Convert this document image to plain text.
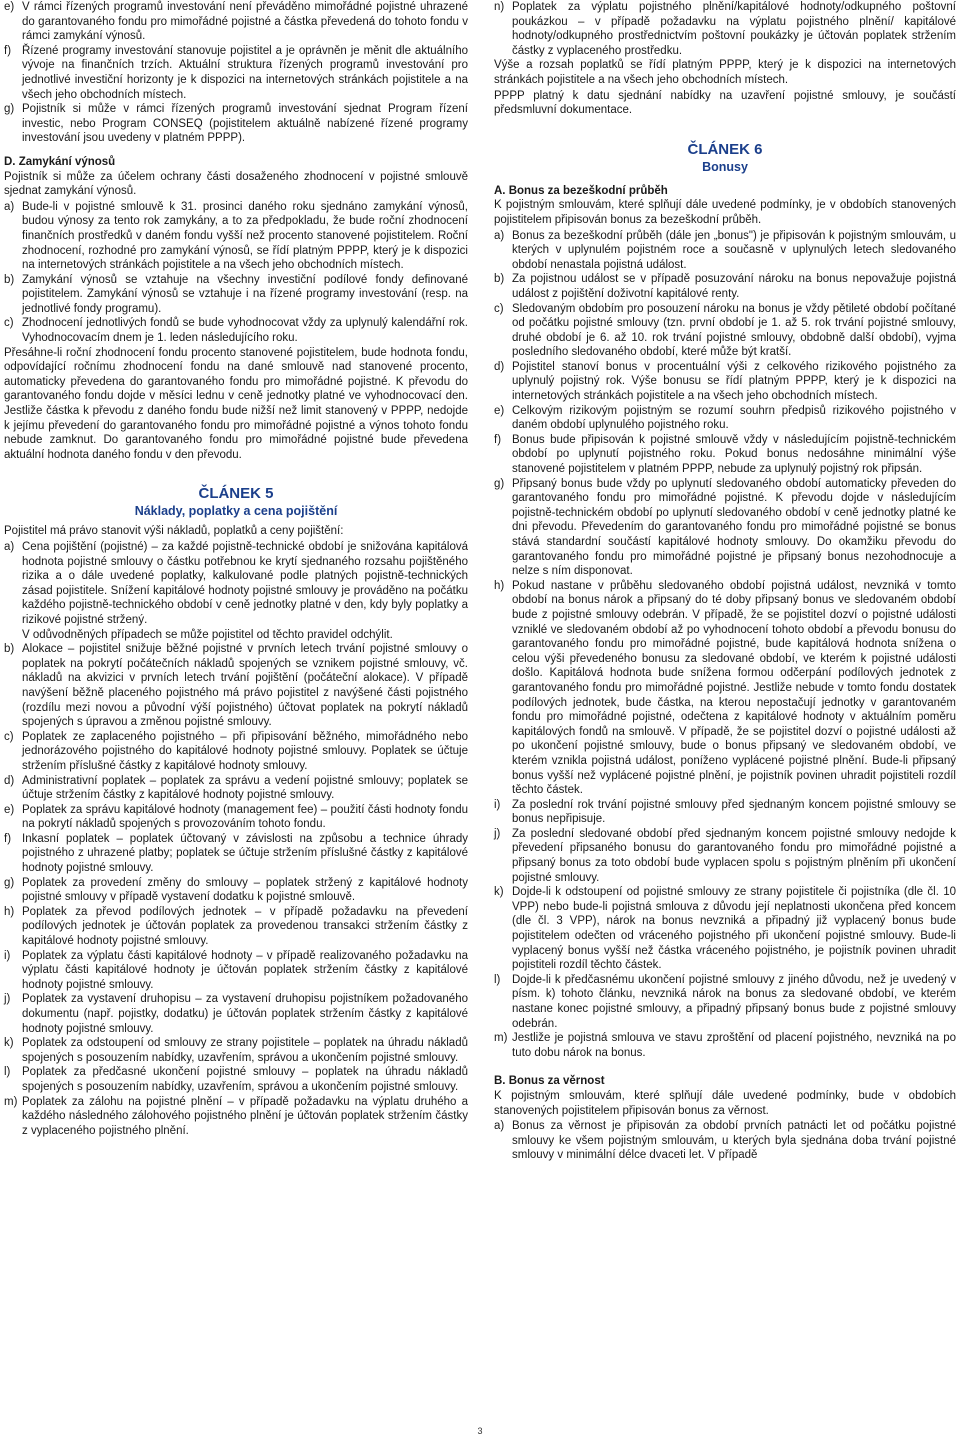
e) V rámci řízených programů investování není převáděno mimořádné pojistné uhrazené do garantovaného fondu pro mimořádné pojistné a částka převedená do tohoto fondu v rámci zamykání výnosů.
f) Řízené programy investování stanovuje pojistitel a je oprávněn je měnit dle aktuálního vývoje na finančních trzích. Aktuální struktura řízených programů investování pro jednotlivé investiční horizonty je k dispozici na internetových stránkách pojistitele a na všech jeho obchodních místech.
g) Pojistník si může v rámci řízených programů investování sjednat Program řízení investic, nebo Program CONSEQ (pojistitelem aktuálně nabízené řízené programy investování jsou uvedeny v platném PPPP).

D. Zamykání výnosů

Pojistník si může za účelem ochrany části dosaženého zhodnocení v pojistné smlouvě sjednat zamykání výnosů.

a) Bude-li v pojistné smlouvě k 31. prosinci daného roku sjednáno zamykání výnosů, budou výnosy za tento rok zamykány, a to za předpokladu, že bude roční zhodnocení finančních prostředků v daném fondu vyšší než procento stanovené pojistitelem. Roční zhodnocení, rozhodné pro zamykání výnosů, se řídí platným PPPP, který je k dispozici na internetových stránkách pojistitele a na všech jeho obchodních místech.
b) Zamykání výnosů se vztahuje na všechny investiční podílové fondy definované pojistitelem. Zamykání výnosů se vztahuje i na řízené programy investování (resp. na jednotlivé fondy programu).
c) Zhodnocení jednotlivých fondů se bude vyhodnocovat vždy za uplynulý kalendářní rok. Vyhodnocovacím dnem je 1. leden následujícího roku.

Přesáhne-li roční zhodnocení fondu procento stanovené pojistitelem, bude hodnota fondu, odpovídající ročnímu zhodnocení fondu na dané smlouvě nad stanovené procento, automaticky převedena do garantovaného fondu pro mimořádné pojistné. K převodu do garantovaného fondu dojde v měsíci lednu v ceně jednotky platné ve vyhodnocovací den. Jestliže částka k převodu z daného fondu bude nižší než limit stanovený v PPPP, nedojde k jejímu převedení do garantovaného fondu pro mimořádné pojistné a výnos tohoto fondu nebude zamknut. Do garantovaného fondu pro mimořádné pojistné bude převedena aktuální hodnota daného fondu v den převodu.

ČLÁNEK 5

Náklady, poplatky a cena pojištění

Pojistitel má právo stanovit výši nákladů, poplatků a ceny pojištění:

a) Cena pojištění (pojistné) – za každé pojistně-technické období je snižována kapitálová hodnota pojistné smlouvy o částku potřebnou ke krytí sjednaného rozsahu pojištěného rizika a o dále uvedené poplatky, kalkulované podle platných pojistně-technických zásad pojistitele. Snížení kapitálové hodnoty pojistné smlouvy je prováděno na počátku každého pojistně-technického období v ceně jednotky platné v den, kdy byly poplatky a rizikové pojistné stržený.
V odůvodněných případech se může pojistitel od těchto pravidel odchýlit.
b) Alokace – pojistitel snižuje běžné pojistné v prvních letech trvání pojistné smlouvy o poplatek na pokrytí počátečních nákladů spojených se vznikem pojistné smlouvy, vč. nákladů na akvizici v prvních letech trvání pojištění (počáteční alokace). V případě navýšení běžně placeného pojistného má právo pojistitel z navýšené části pojistného (rozdílu mezi novou a původní výší pojistného) účtovat poplatek na pokrytí nákladů spojených s úpravou a změnou pojistné smlouvy.
c) Poplatek ze zaplaceného pojistného – při připisování běžného, mimořádného nebo jednorázového pojistného do kapitálové hodnoty pojistné smlouvy. Poplatek se účtuje stržením příslušné částky z kapitálové hodnoty smlouvy.
d) Administrativní poplatek – poplatek za správu a vedení pojistné smlouvy; poplatek se účtuje stržením částky z kapitálové hodnoty pojistné smlouvy.
e) Poplatek za správu kapitálové hodnoty (management fee) – použití části hodnoty fondu na pokrytí nákladů spojených s provozováním tohoto fondu.
f) Inkasní poplatek – poplatek účtovaný v závislosti na způsobu a technice úhrady pojistného z uhrazené platby; poplatek se účtuje stržením příslušné částky z kapitálové hodnoty pojistné smlouvy.
g) Poplatek za provedení změny do smlouvy – poplatek stržený z kapitálové hodnoty pojistné smlouvy v případě vystavení dodatku k pojistné smlouvě.
h) Poplatek za převod podílových jednotek – v případě požadavku na převedení podílových jednotek je účtován poplatek za provedenou transakci stržením částky z kapitálové hodnoty pojistné smlouvy.
i)	Poplatek za výplatu části kapitálové hodnoty – v případě realizovaného požadavku na výplatu části kapitálové hodnoty je účtován poplatek stržením částky z kapitálové hodnoty pojistné smlouvy.
j)	Poplatek za vystavení druhopisu – za vystavení druhopisu pojistníkem požadovaného dokumentu (např. pojistky, dodatku) je účtován poplatek stržením částky z kapitálové hodnoty pojistné smlouvy.
k) Poplatek za odstoupení od smlouvy ze strany pojistitele – poplatek na úhradu nákladů spojených s posouzením nabídky, uzavřením, správou a ukončením pojistné smlouvy.
l)	Poplatek za předčasné ukončení pojistné smlouvy – poplatek na úhradu nákladů spojených s posouzením nabídky, uzavřením, správou a ukončením pojistné smlouvy.
m) Poplatek za zálohu na pojistné plnění – v případě požadavku na výplatu druhého a každého následného zálohového pojistného plnění je účtován poplatek stržením částky z vyplaceného pojistného plnění.
n) Poplatek za výplatu pojistného plnění/kapitálové hodnoty/odkupného poštovní poukázkou – v případě požadavku na výplatu pojistného plnění/ kapitálové hodnoty/odkupného prostřednictvím poštovní poukázky je účtován poplatek stržením částky z vyplaceného prostředku.

Výše a rozsah poplatků se řídí platným PPPP, který je k dispozici na internetových stránkách pojistitele a na všech jeho obchodních místech.

PPPP platný k datu sjednání nabídky na uzavření pojistné smlouvy, je součástí předsmluvní dokumentace.

ČLÁNEK 6

Bonusy

A. Bonus za bezeškodní průběh

K pojistným smlouvám, které splňují dále uvedené podmínky, je v obdobích stanovených pojistitelem připisován bonus za bezeškodní průběh.

a) Bonus za bezeškodní průběh (dále jen „bonus") je připisován k pojistným smlouvám, u kterých v uplynulém pojistném roce a současně v uplynulých letech sledovaného období nenastala pojistná událost.
b) Za pojistnou událost se v případě posuzování nároku na bonus nepovažuje pojistná událost z pojištění doživotní kapitálové renty.
c) Sledovaným obdobím pro posouzení nároku na bonus je vždy pětileté období počítané od počátku pojistné smlouvy (tzn. první období je 1. až 5. rok trvání pojistné smlouvy, druhé období je 6. až 10. rok trvání pojistné smlouvy, obdobně další období), vyjma posledního sledovaného období, které může být kratší.
d) Pojistitel stanoví bonus v procentuální výši z celkového rizikového pojistného za uplynulý pojistný rok. Výše bonusu se řídí platným PPPP, který je k dispozici na internetových stránkách pojistitele a na všech jeho obchodních místech.
e) Celkovým rizikovým pojistným se rozumí souhrn předpisů rizikového pojistného v daném období uplynulého pojistného roku.
f) Bonus bude připisován k pojistné smlouvě vždy v následujícím pojistně-technickém období po uplynutí pojistného roku. Pokud bonus nedosáhne minimální výše stanovené pojistitelem v platném PPPP, nebude za uplynulý pojistný rok připsán.
g) Připsaný bonus bude vždy po uplynutí sledovaného období automaticky převeden do garantovaného fondu pro mimořádné pojistné. K převodu dojde v následujícím pojistně-technickém období po uplynutí sledovaného období v ceně jednotky platné ke dni převodu. Převedením do garantovaného fondu pro mimořádné pojistné se bonus stává standardní součástí kapitálové hodnoty smlouvy. Do okamžiku převodu do garantovaného fondu pro mimořádné pojistné je připsaný bonus nezohodnocuje a nelze s ním disponovat.
h) Pokud nastane v průběhu sledovaného období pojistná událost, nevzniká v tomto období na bonus nárok a připsaný do té doby připsaný bonus ve sledovaném období bude z pojistné smlouvy odebrán. V případě, že se pojistitel dozví o pojistné události vzniklé ve sledovaném období až po vyhodnocení tohoto období a převodu bonusu do garantovaného fondu pro mimořádné pojistné, bude kapitálová hodnota snížena o celou výši převedeného bonusu za sledované období, ve kterém k pojistné události došlo. Kapitálová hodnota bude snížena formou odčerpání podílových jednotek z garantovaného fondu pro mimořádné pojistné. Jestliže nebude v tomto fondu dostatek podílových jednotek, bude částka, na kterou nepostačují jednotky v garantovaném fondu pro mimořádné pojistné, odečtena z kapitálové hodnoty v aktuálním poměru kapitálových fondů na smlouvě. V případě, že se pojistitel dozví o pojistné události až po ukončení pojistné smlouvy, bude o bonus připsaný ve sledovaném období, ve kterém vznikla pojistná událost, poníženo vyplácené pojistné plnění. Bude-li připsaný bonus vyšší než vyplácené pojistné plnění, je pojistník povinen uhradit pojistiteli rozdíl těchto částek.
i)	Za poslední rok trvání pojistné smlouvy před sjednaným koncem pojistné smlouvy se bonus nepřipisuje.
j)	Za poslední sledované období před sjednaným koncem pojistné smlouvy nedojde k převedení připsaného bonusu do garantovaného fondu pro mimořádné pojistné a připsaný bonus za toto období bude vyplacen spolu s pojistným plněním při ukončení pojistné smlouvy.
k) Dojde-li k odstoupení od pojistné smlouvy ze strany pojistitele či pojistníka (dle čl. 10 VPP) nebo bude-li pojistná smlouva z důvodu její neplatnosti ukončena před koncem (dle čl. 3 VPP), nárok na bonus nevzniká a připadný již vyplacený bonus bude pojistitelem odečten od vráceného pojistného při ukončení pojistné smlouvy. Bude-li vyplacený bonus vyšší než částka vráceného pojistného, je pojistník povinen uhradit pojistiteli rozdíl těchto částek.
l)	Dojde-li k předčasnému ukončení pojistné smlouvy z jiného důvodu, než je uvedený v písm. k) tohoto článku, nevzniká nárok na bonus za sledované období, ve kterém nastane konec pojistné smlouvy, a připadný připsaný bonus bude z pojistné smlouvy odebrán.
m) Jestliže je pojistná smlouva ve stavu zproštění od placení pojistného, nevzniká na po tuto dobu nárok na bonus.

B. Bonus za věrnost

K pojistným smlouvám, které splňují dále uvedené podmínky, bude v obdobích stanovených pojistitelem připisován bonus za věrnost.

a) Bonus za věrnost je připisován za období prvních patnácti let od počátku pojistné smlouvy ke všem pojistným smlouvám, u kterých byla sjednána doba trvání pojistné smlouvy v minimální délce dvaceti let. V případě
3
